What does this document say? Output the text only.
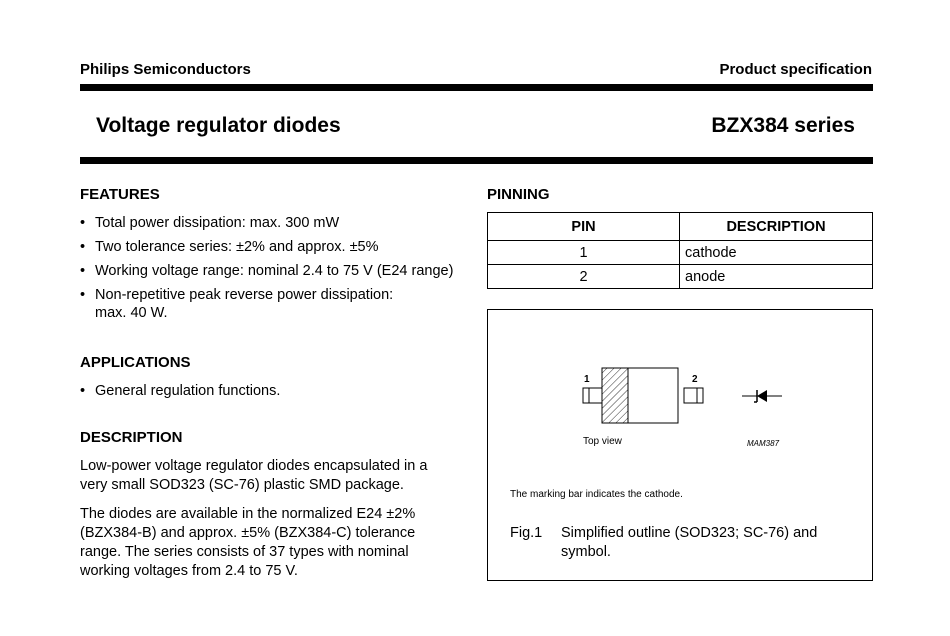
Philips Semiconductors	Product specification
Voltage regulator diodes	BZX384 series
FEATURES
• Total power dissipation: max. 300 mW
• Two tolerance series: ±2% and approx. ±5%
• Working voltage range: nominal 2.4 to 75 V (E24 range)
• Non-repetitive peak reverse power dissipation:
max. 40 W.
APPLICATIONS
• General regulation functions.
DESCRIPTION
Low-power voltage regulator diodes encapsulated in a
very small SOD323 (SC-76) plastic SMD package.
The diodes are available in the normalized E24 ±2%
(BZX384-B) and approx. ±5% (BZX384-C) tolerance
range. The series consists of 37 types with nominal
working voltages from 2.4 to 75 V.
PINNING
PIN	DESCRIPTION
1	cathode
2	anode
1	2
Top view	MAM387
The marking bar indicates the cathode.
Fig.1 Simplified outline (SOD323; SC-76) and
symbol.
